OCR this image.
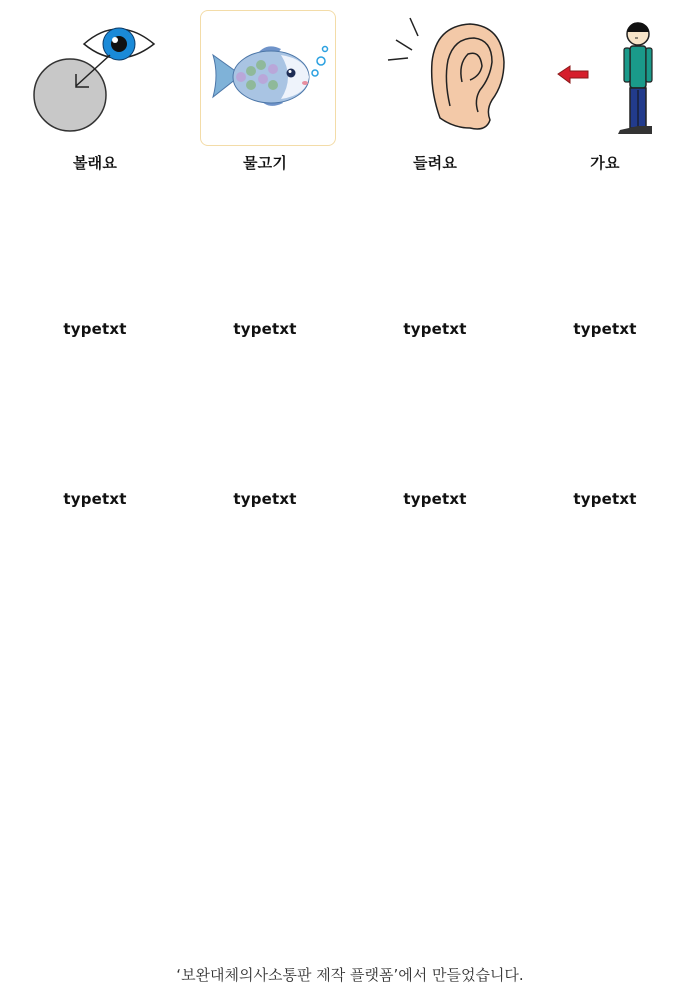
볼래요	물고기	들려요	가요
typetxt	typetxt	typetxt	typetxt
typetxt	typetxt	typetxt	typetxt
‘보완대체의사소통판 제작 플랫폼’에서 만들었습니다.
